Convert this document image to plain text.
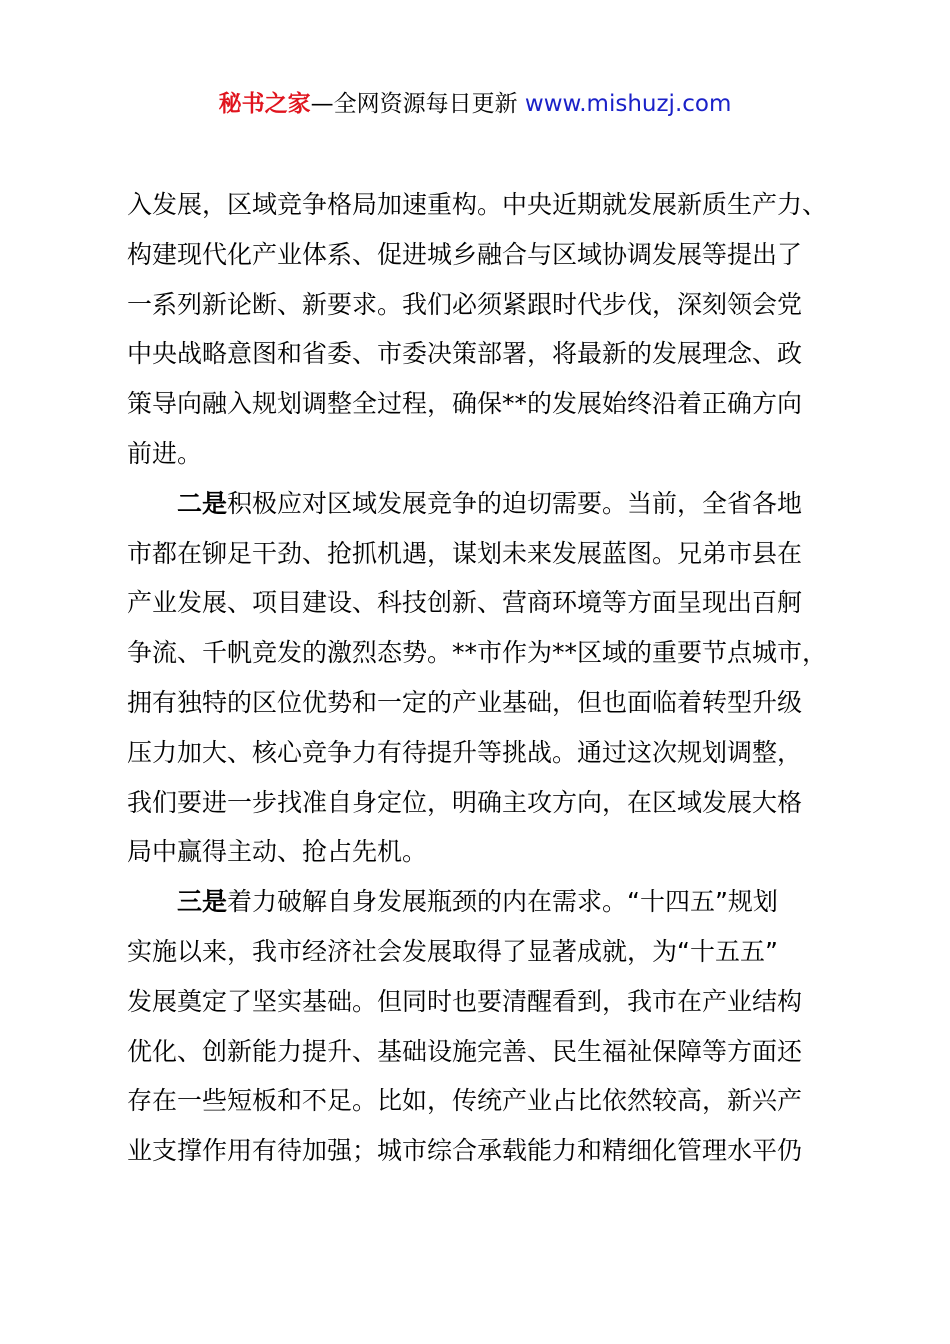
秘书之家—全网资源每日更新 www.mishuzj.com
入发展，区域竞争格局加速重构。中央近期就发展新质生产力、
构建现代化产业体系、促进城乡融合与区域协调发展等提出了
一系列新论断、新要求。我们必须紧跟时代步伐，深刻领会党
中央战略意图和省委、市委决策部署，将最新的发展理念、政
策导向融入规划调整全过程，确保**的发展始终沿着正确方向
前进。
二是积极应对区域发展竞争的迫切需要。当前，全省各地
市都在铆足干劲、抢抓机遇，谋划未来发展蓝图。兄弟市县在
产业发展、项目建设、科技创新、营商环境等方面呈现出百舸
争流、千帆竞发的激烈态势。**市作为**区域的重要节点城市，
拥有独特的区位优势和一定的产业基础，但也面临着转型升级
压力加大、核心竞争力有待提升等挑战。通过这次规划调整，
我们要进一步找准自身定位，明确主攻方向，在区域发展大格
局中赢得主动、抢占先机。
三是着力破解自身发展瓶颈的内在需求。“十四五”规划
实施以来，我市经济社会发展取得了显著成就，为“十五五”
发展奠定了坚实基础。但同时也要清醒看到，我市在产业结构
优化、创新能力提升、基础设施完善、民生福祉保障等方面还
存在一些短板和不足。比如，传统产业占比依然较高，新兴产
业支撑作用有待加强；城市综合承载能力和精细化管理水平仍
